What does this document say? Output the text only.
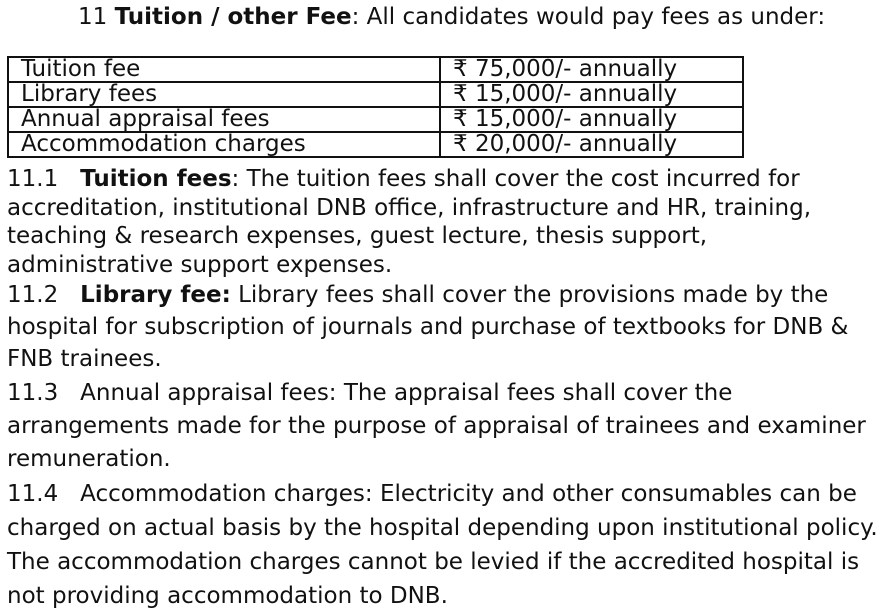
11 Tuition / other Fee: All candidates would pay fees as under:
Tuition fee	₹ 75,000/- annually
Library fees	₹ 15,000/- annually
Annual appraisal fees	₹ 15,000/- annually
Accommodation charges	₹ 20,000/- annually

11.1 Tuition fees: The tuition fees shall cover the cost incurred for accreditation, institutional DNB office, infrastructure and HR, training, teaching & research expenses, guest lecture, thesis support, administrative support expenses.

11.2 Library fee: Library fees shall cover the provisions made by the hospital for subscription of journals and purchase of textbooks for DNB & FNB trainees.

11.3 Annual appraisal fees: The appraisal fees shall cover the arrangements made for the purpose of appraisal of trainees and examiner remuneration.

11.4 Accommodation charges: Electricity and other consumables can be charged on actual basis by the hospital depending upon institutional policy. The accommodation charges cannot be levied if the accredited hospital is not providing accommodation to DNB.
